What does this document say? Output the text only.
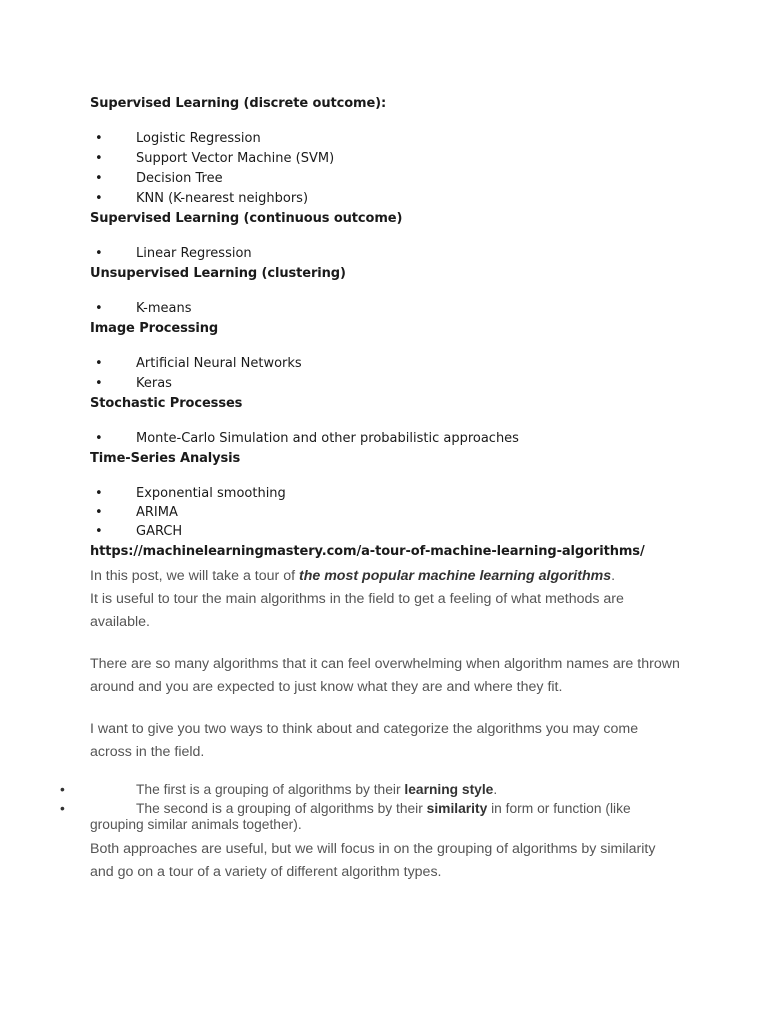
Supervised Learning (discrete outcome):
•	Logistic Regression
•	Support Vector Machine (SVM)
•	Decision Tree
•	KNN (K-nearest neighbors)
Supervised Learning (continuous outcome)
•	Linear Regression
Unsupervised Learning (clustering)
•	K-means
Image Processing
•	Artificial Neural Networks
•	Keras
Stochastic Processes
•	Monte-Carlo Simulation and other probabilistic approaches
Time-Series Analysis
•	Exponential smoothing
•	ARIMA
•	GARCH
https://machinelearningmastery.com/a-tour-of-machine-learning-algorithms/
In this post, we will take a tour of the most popular machine learning algorithms.
It is useful to tour the main algorithms in the field to get a feeling of what methods are available.
There are so many algorithms that it can feel overwhelming when algorithm names are thrown around and you are expected to just know what they are and where they fit.
I want to give you two ways to think about and categorize the algorithms you may come across in the field.
•	The first is a grouping of algorithms by their learning style.
•	The second is a grouping of algorithms by their similarity in form or function (like
grouping similar animals together).
Both approaches are useful, but we will focus in on the grouping of algorithms by similarity and go on a tour of a variety of different algorithm types.
